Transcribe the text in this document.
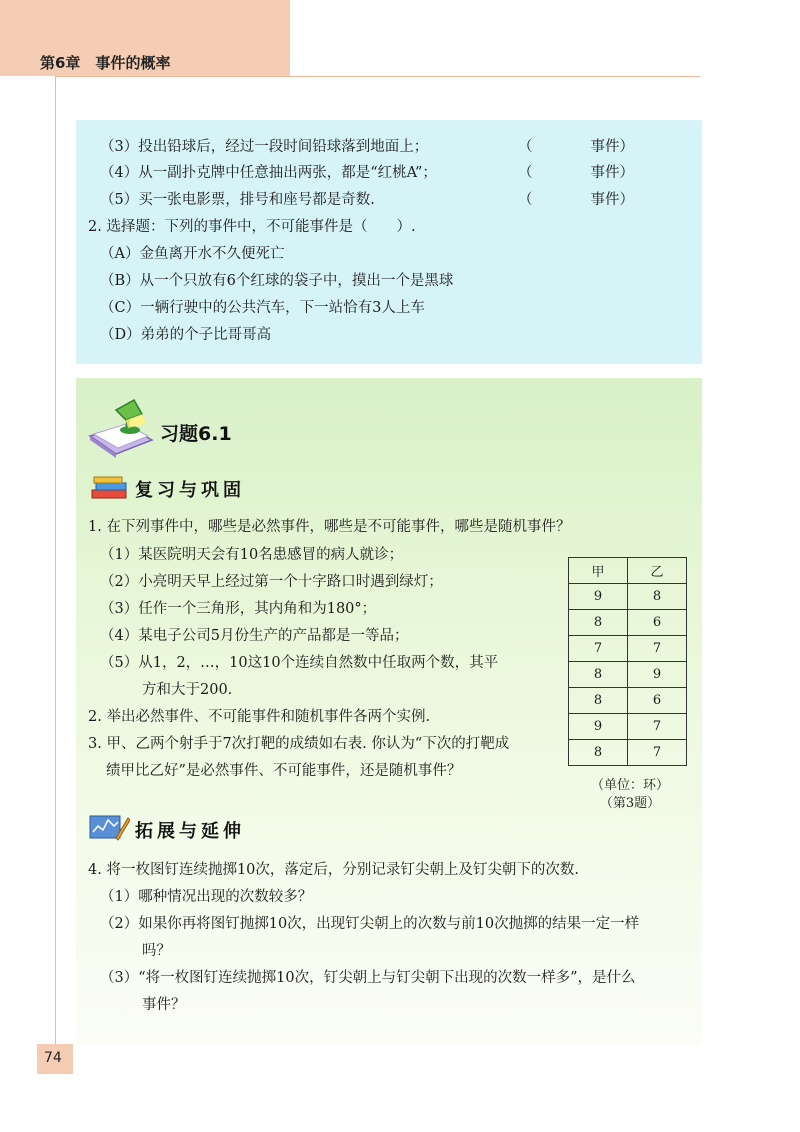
第6章　事件的概率
（3）投出铅球后，经过一段时间铅球落到地面上；	（　　　　事件）
（4）从一副扑克牌中任意抽出两张，都是“红桃A”；	（　　　　事件）
（5）买一张电影票，排号和座号都是奇数.	（　　　　事件）
2. 选择题：下列的事件中，不可能事件是（　　）.
（A）金鱼离开水不久便死亡
（B）从一个只放有6个红球的袋子中，摸出一个是黑球
（C）一辆行驶中的公共汽车，下一站恰有3人上车
（D）弟弟的个子比哥哥高
习题6.1
复习与巩固
1. 在下列事件中，哪些是必然事件，哪些是不可能事件，哪些是随机事件？
（1）某医院明天会有10名患感冒的病人就诊；
（2）小亮明天早上经过第一个十字路口时遇到绿灯；
（3）任作一个三角形，其内角和为180°；
（4）某电子公司5月份生产的产品都是一等品；
（5）从1，2，…，10这10个连续自然数中任取两个数，其平
方和大于200.
2. 举出必然事件、不可能事件和随机事件各两个实例.
3. 甲、乙两个射手于7次打靶的成绩如右表. 你认为“下次的打靶成
绩甲比乙好”是必然事件、不可能事件，还是随机事件？
甲	乙
9	8
8	6
7	7
8	9
8	6
9	7
8	7
（单位：环）
（第3题）
拓展与延伸
4. 将一枚图钉连续抛掷10次，落定后，分别记录钉尖朝上及钉尖朝下的次数.
（1）哪种情况出现的次数较多？
（2）如果你再将图钉抛掷10次，出现钉尖朝上的次数与前10次抛掷的结果一定一样
吗？
（3）“将一枚图钉连续抛掷10次，钉尖朝上与钉尖朝下出现的次数一样多”，是什么
事件？
74
